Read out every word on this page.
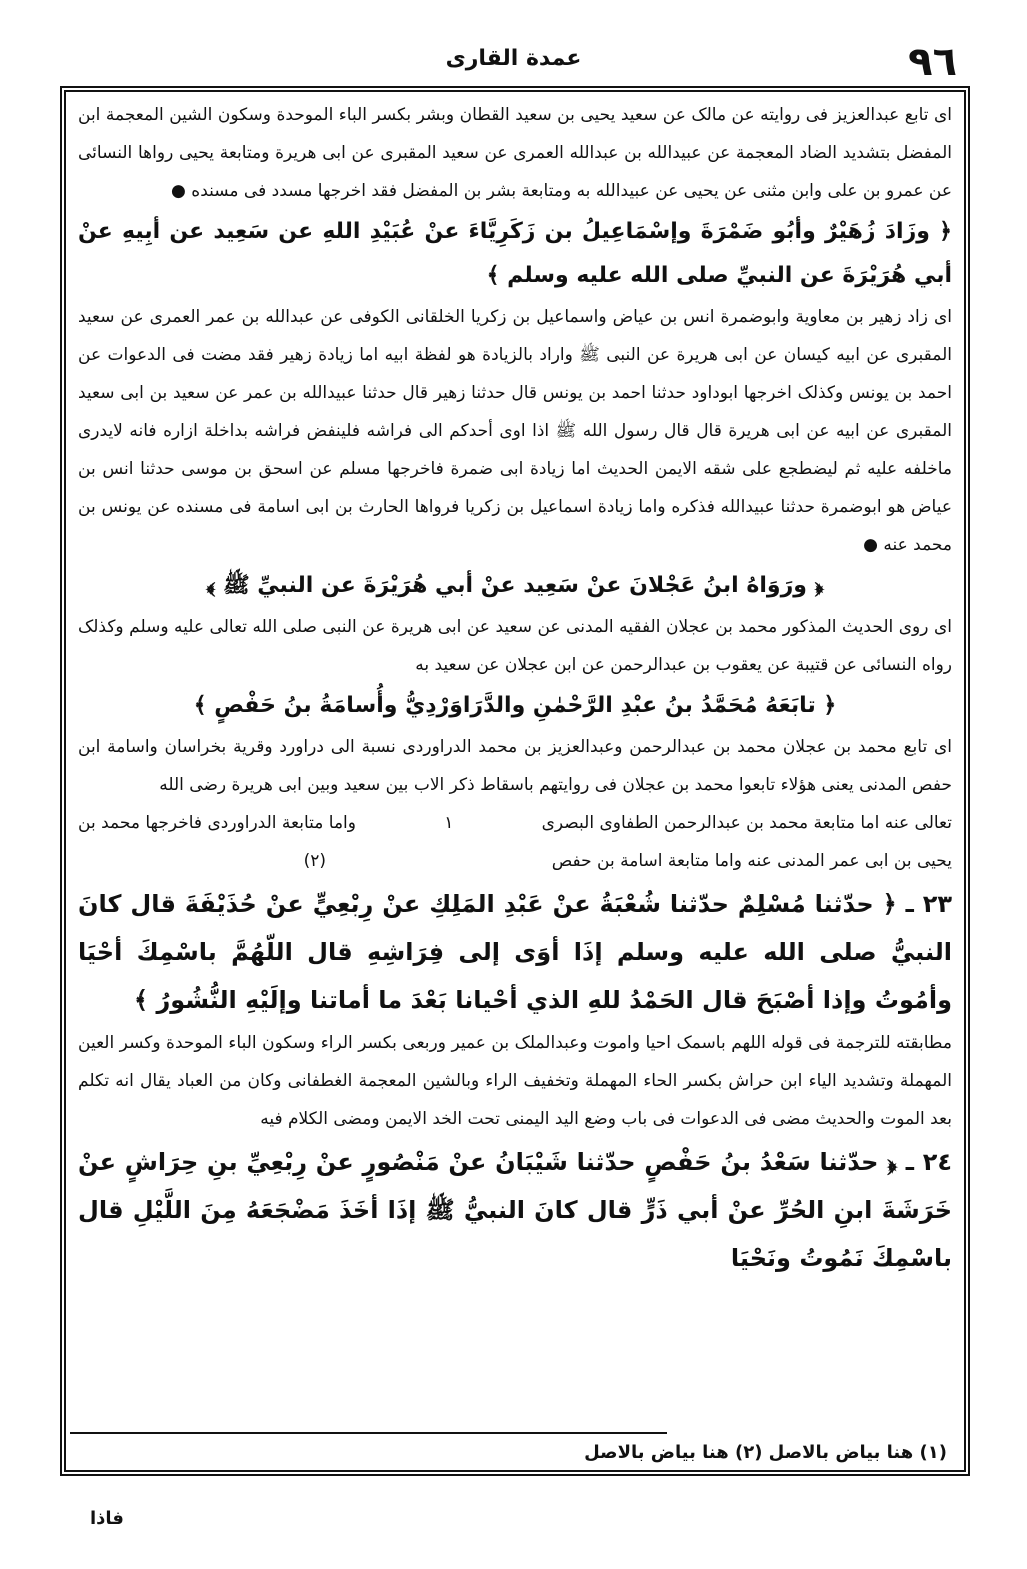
٩٦
عمدة القاری

ای تابع عبدالعزیز فی روایته عن مالک عن سعید یحیی بن سعید القطان وبشر بکسر الباء الموحدة وسکون الشین المعجمة ابن المفضل بتشدید الضاد المعجمة عن عبیدالله بن عبدالله العمری عن سعید المقبری عن ابی هریرة ومتابعة یحیی رواها النسائی عن عمرو بن علی وابن مثنی عن یحیی عن عبیدالله به ومتابعة بشر بن المفضل فقد اخرجها مسدد فی مسنده ●

﴿ وزَادَ زُهَيْرٌ وأبُو ضَمْرَةَ وإسْمَاعِيلُ بن زَكَرِيَّاءَ عنْ عُبَيْدِ اللهِ عن سَعِيد عن أبِيهِ عنْ أبي هُرَيْرَةَ عن النبيِّ صلى الله عليه وسلم ﴾

ای زاد زهیر بن معاویة وابوضمرة انس بن عیاض واسماعیل بن زکریا الخلقانی الکوفی عن عبدالله بن عمر العمری عن سعید المقبری عن ابیه کیسان عن ابی هریرة عن النبی ﷺ واراد بالزیادة هو لفظة ابیه اما زیادة زهیر فقد مضت فی الدعوات عن احمد بن یونس وکذلک اخرجها ابوداود حدثنا احمد بن یونس قال حدثنا زهیر قال حدثنا عبیدالله بن عمر عن سعید بن ابی سعید المقبری عن ابیه عن ابی هریرة قال قال رسول الله ﷺ اذا اوی أحدکم الی فراشه فلینفض فراشه بداخلة ازاره فانه لایدری ماخلفه علیه ثم لیضطجع علی شقه الایمن الحدیث اما زیادة ابی ضمرة فاخرجها مسلم عن اسحق بن موسی حدثنا انس بن عیاض هو ابوضمرة حدثنا عبیدالله فذکره واما زیادة اسماعیل بن زکریا فرواها الحارث بن ابی اسامة فی مسنده عن یونس بن محمد عنه ●

﴿ ورَوَاهُ ابنُ عَجْلانَ عنْ سَعِيد عنْ أبي هُرَيْرَةَ عن النبيِّ ﷺ ﴾

ای روی الحدیث المذکور محمد بن عجلان الفقیه المدنی عن سعید عن ابی هریرة عن النبی صلی الله تعالی علیه وسلم وکذلک رواه النسائی عن قتیبة عن یعقوب بن عبدالرحمن عن ابن عجلان عن سعید به

﴿ تابَعَهُ مُحَمَّدُ بنُ عبْدِ الرَّحْمٰنِ والدَّرَاوَرْدِيُّ وأُسامَةُ بنُ حَفْصٍ ﴾

ای تابع محمد بن عجلان محمد بن عبدالرحمن وعبدالعزیز بن محمد الدراوردی نسبة الی دراورد وقریة بخراسان واسامة ابن حفص المدنی یعنی هؤلاء تابعوا محمد بن عجلان فی روایتهم باسقاط ذکر الاب بین سعید وبین ابی هریرة رضی الله

تعالی عنه اما متابعة محمد بن عبدالرحمن الطفاوی البصری
١
واما متابعة الدراوردی فاخرجها محمد بن
یحیی بن ابی عمر المدنی عنه واما متابعة اسامة بن حفص
(٢)

٢٣ ـ ﴿ حدّثنا مُسْلِمٌ حدّثنا شُعْبَةُ عنْ عَبْدِ المَلِكِ عنْ رِبْعِيٍّ عنْ حُذَيْفَةَ قال كانَ النبيُّ صلى الله عليه وسلم إذَا أوَى إلى فِرَاشِهِ قال اللّهُمَّ باسْمِكَ أحْيَا وأمُوتُ وإذا أصْبَحَ قال الحَمْدُ للهِ الذي أحْيانا بَعْدَ ما أماتنا وإلَيْهِ النُّشُورُ ﴾

مطابقته للترجمة فی قوله اللهم باسمک احیا واموت وعبدالملک بن عمیر وربعی بکسر الراء وسکون الباء الموحدة وکسر العین المهملة وتشدید الیاء ابن حراش بکسر الحاء المهملة وتخفیف الراء وبالشین المعجمة الغطفانی وکان من العباد یقال انه تکلم بعد الموت والحدیث مضی فی الدعوات فی باب وضع الید الیمنی تحت الخد الایمن ومضی الکلام فیه

٢٤ ـ ﴿ حدّثنا سَعْدُ بنُ حَفْصٍ حدّثنا شَيْبَانُ عنْ مَنْصُورٍ عنْ رِبْعِيِّ بنِ حِرَاشٍ عنْ خَرَشَةَ ابنِ الحُرِّ عنْ أبي ذَرٍّ قال كانَ النبيُّ ﷺ إذَا أخَذَ مَضْجَعَهُ مِنَ اللَّيْلِ قال باسْمِكَ نَمُوتُ ونَحْيَا

(١) هنا بیاض بالاصل (٢) هنا بیاض بالاصل
فاذا
